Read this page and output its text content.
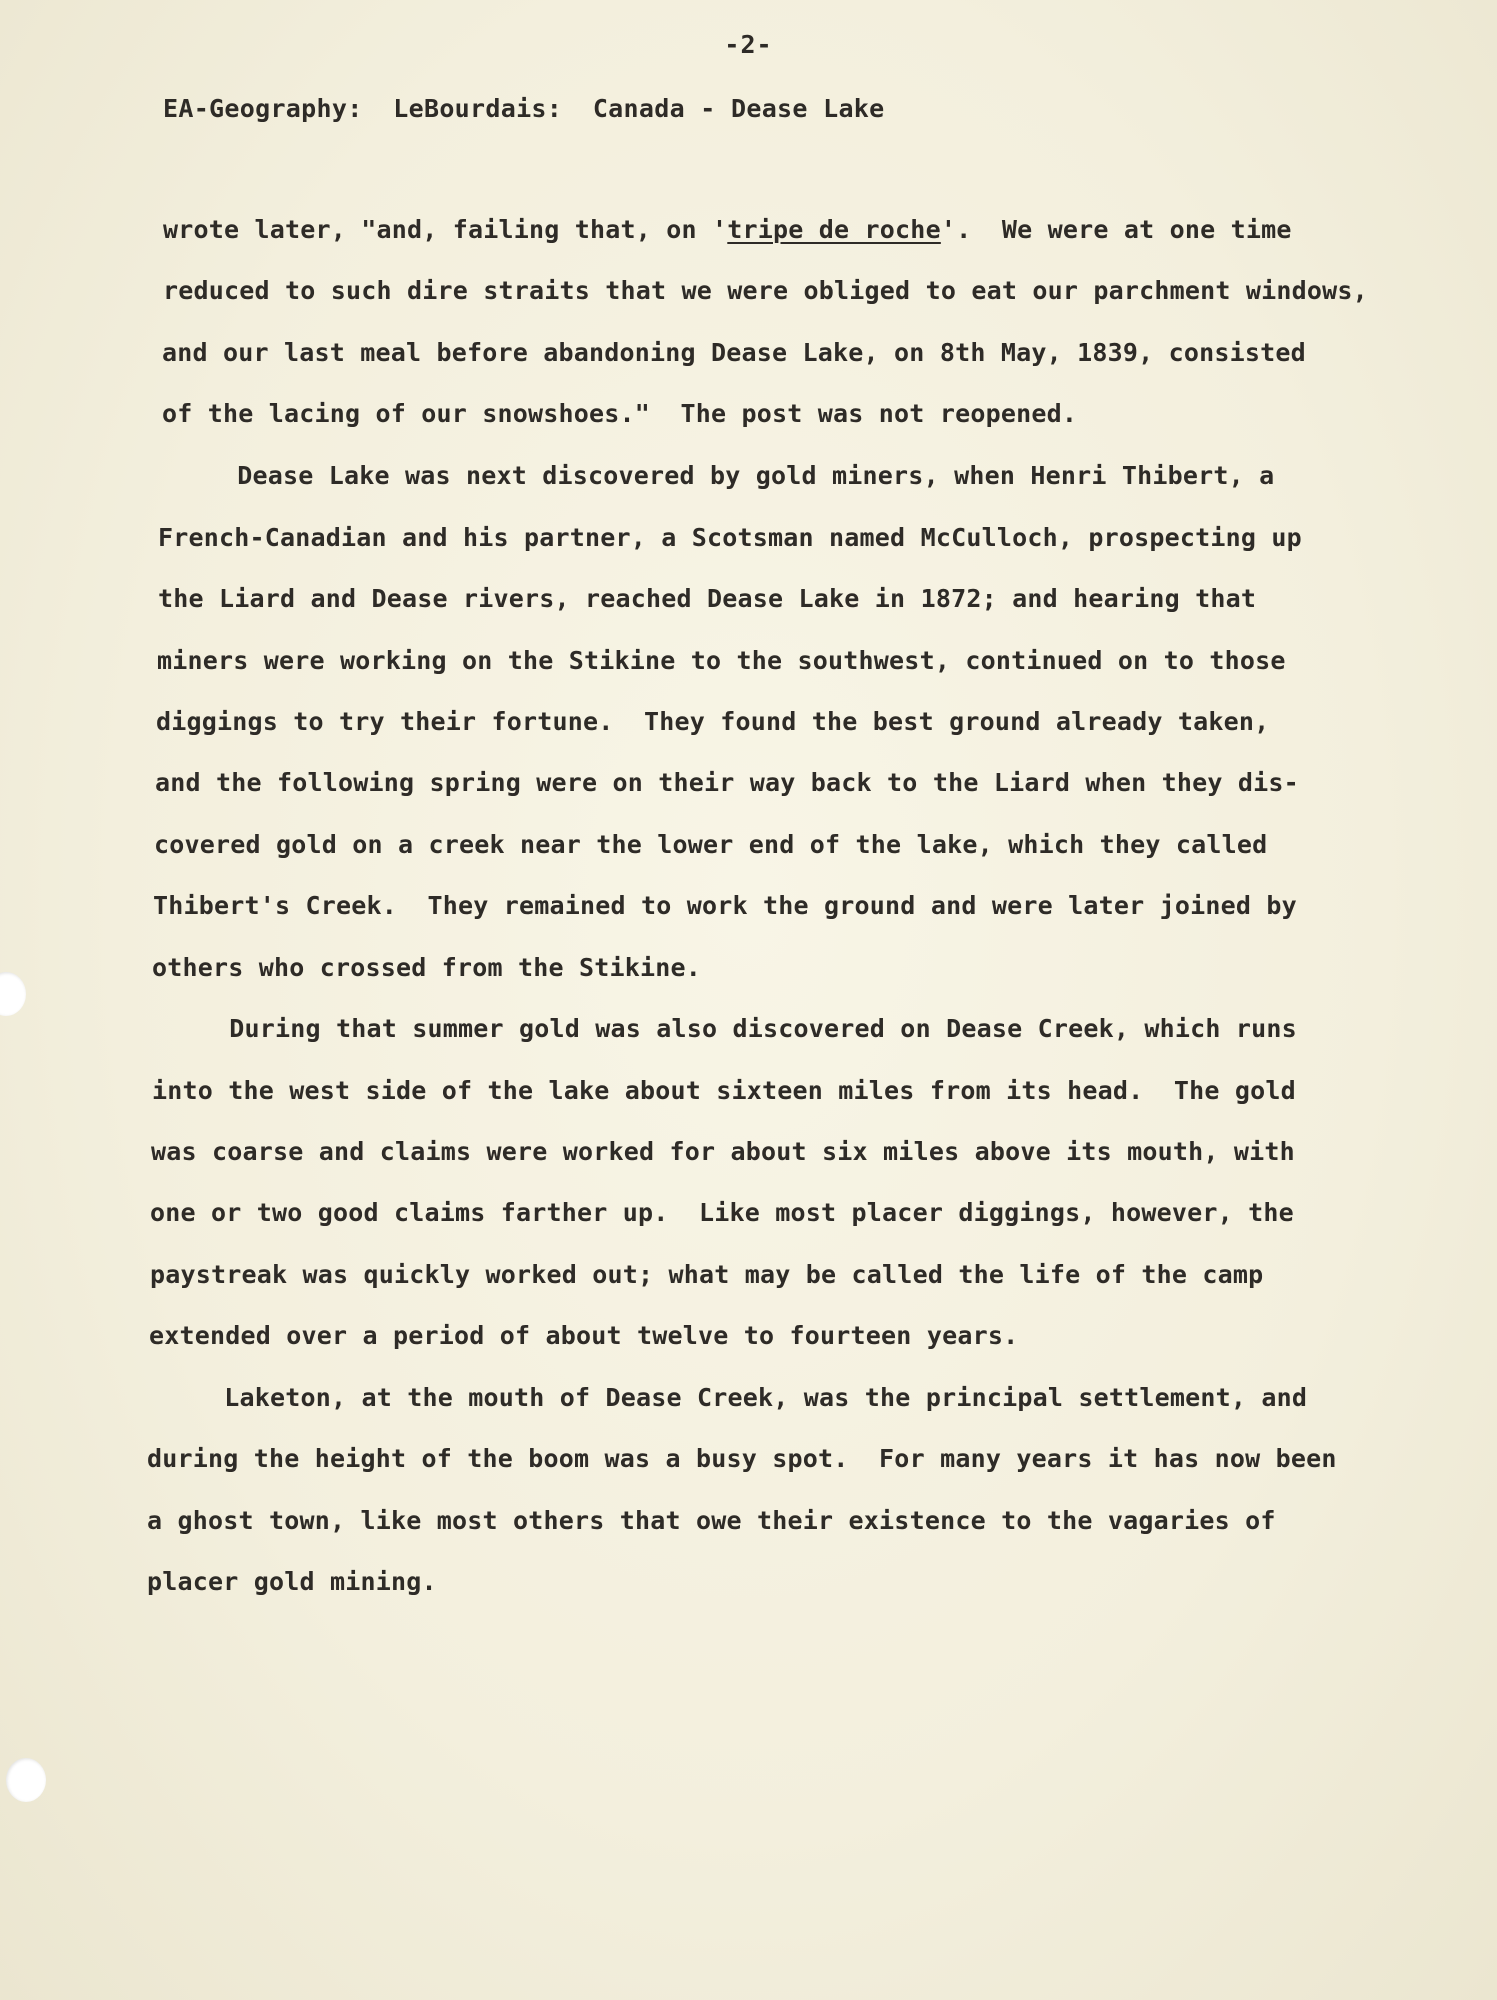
-2-
EA-Geography:  LeBourdais:  Canada - Dease Lake
wrote later, "and, failing that, on 'tripe de roche'.  We were at one time
reduced to such dire straits that we were obliged to eat our parchment windows,
and our last meal before abandoning Dease Lake, on 8th May, 1839, consisted
of the lacing of our snowshoes."  The post was not reopened.
Dease Lake was next discovered by gold miners, when Henri Thibert, a
French-Canadian and his partner, a Scotsman named McCulloch, prospecting up
the Liard and Dease rivers, reached Dease Lake in 1872; and hearing that
miners were working on the Stikine to the southwest, continued on to those
diggings to try their fortune.  They found the best ground already taken,
and the following spring were on their way back to the Liard when they dis-
covered gold on a creek near the lower end of the lake, which they called
Thibert's Creek.  They remained to work the ground and were later joined by
others who crossed from the Stikine.
During that summer gold was also discovered on Dease Creek, which runs
into the west side of the lake about sixteen miles from its head.  The gold
was coarse and claims were worked for about six miles above its mouth, with
one or two good claims farther up.  Like most placer diggings, however, the
paystreak was quickly worked out; what may be called the life of the camp
extended over a period of about twelve to fourteen years.
Laketon, at the mouth of Dease Creek, was the principal settlement, and
during the height of the boom was a busy spot.  For many years it has now been
a ghost town, like most others that owe their existence to the vagaries of
placer gold mining.
